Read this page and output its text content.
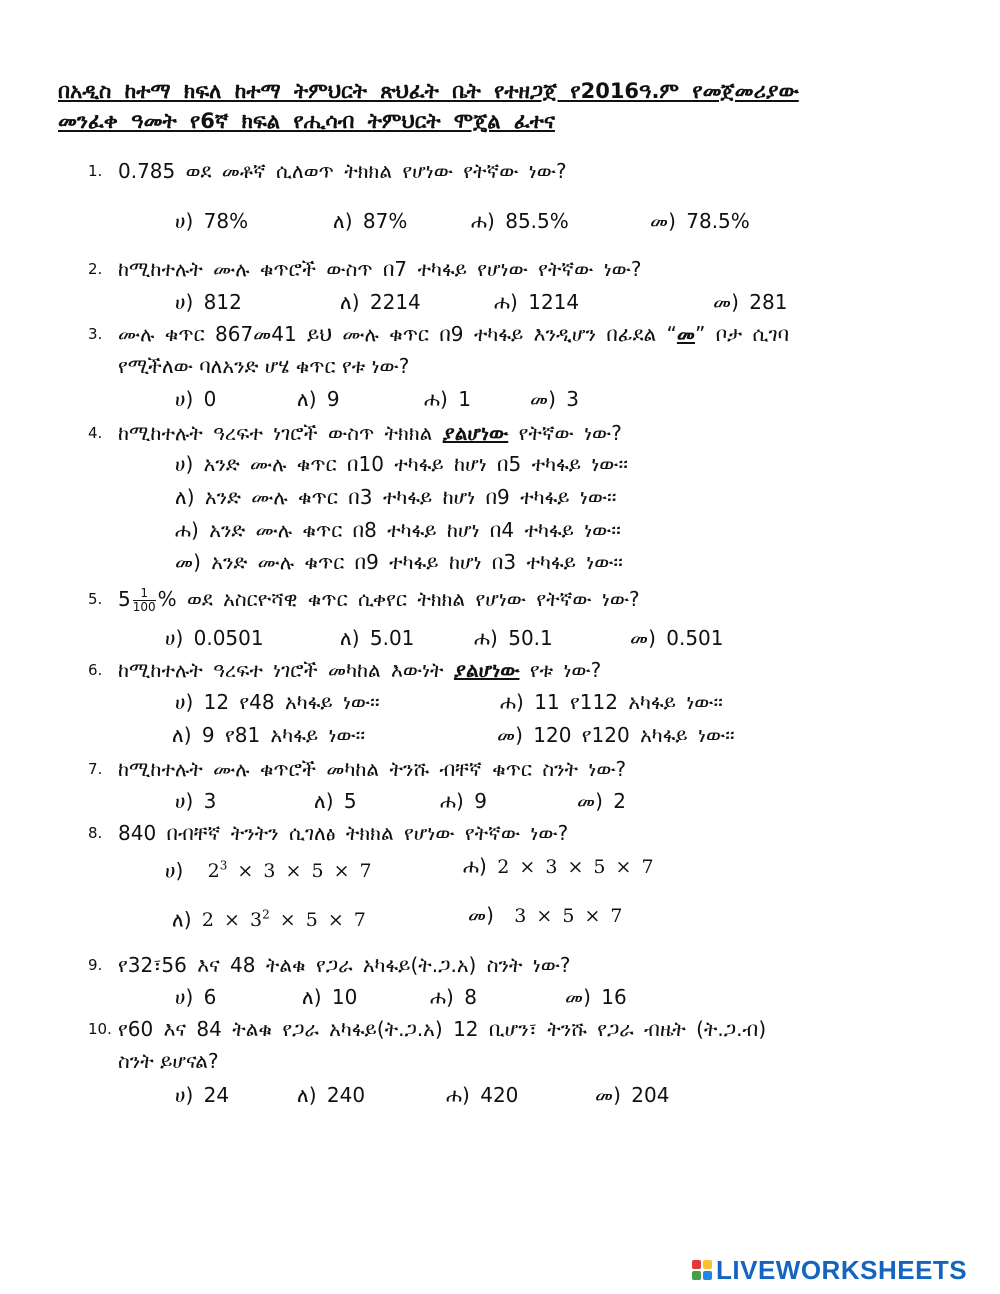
በአዲስ ከተማ ክፍለ ከተማ ትምህርት ጽህፈት ቤት የተዘጋጀ የ2016ዓ.ም የመጀመሪያው
መንፈቀ ዓመት የ6ኛ ክፍል የሒሳብ ትምህርት ሞጄል ፈተና
1. 0.785 ወደ መቶኛ ሲለወጥ ትክክል የሆነው የትኛው ነው?
ሀ) 78%	ለ) 87%	ሐ) 85.5%	መ) 78.5%
2. ከሚከተሉት ሙሉ ቁጥሮች ውስጥ በ7 ተካፋይ የሆነው የትኛው ነው?
ሀ) 812	ለ) 2214	ሐ) 1214	መ) 281
3. ሙሉ ቁጥር 867መ41 ይህ ሙሉ ቁጥር በ9 ተካፋይ እንዲሆን በፊደል “መ” ቦታ ሲገባ
የሚችለው ባለአንድ ሆሄ ቁጥር የቱ ነው?
ሀ) 0	ለ) 9	ሐ) 1	መ) 3
4. ከሚከተሉት ዓረፍተ ነገሮች ውስጥ ትክክል ያልሆነው የትኛው ነው?
ሀ) አንድ ሙሉ ቁጥር በ10 ተካፋይ ከሆነ በ5 ተካፋይ ነው፡፡
ለ) አንድ ሙሉ ቁጥር በ3 ተካፋይ ከሆነ በ9 ተካፋይ ነው፡፡
ሐ) አንድ ሙሉ ቁጥር በ8 ተካፋይ ከሆነ በ4 ተካፋይ ነው፡፡
መ) አንድ ሙሉ ቁጥር በ9 ተካፋይ ከሆነ በ3 ተካፋይ ነው፡፡
5. $5 \frac{1}{100}$ % ወደ አስርዮሻዊ ቁጥር ሲቀየር ትክክል የሆነው የትኛው ነው?
ሀ) 0.0501	ለ) 5.01	ሐ) 50.1	መ) 0.501
6. ከሚከተሉት ዓረፍተ ነገሮች መካከል እውነት ያልሆነው የቱ ነው?
ሀ) 12 የ48 አካፋይ ነው፡፡	ሐ) 11 የ112 አካፋይ ነው፡፡
ለ) 9 የ81 አካፋይ ነው፡፡	መ) 120 የ120 አካፋይ ነው፡፡
7. ከሚከተሉት ሙሉ ቁጥሮች መካከል ትንሹ ብቸኛ ቁጥር ስንት ነው?
ሀ) 3	ለ) 5	ሐ) 9	መ) 2
8. 840 በብቸኛ ትንትን ሲገለፅ ትክክል የሆነው የትኛው ነው?
ሀ) $2^3 \times 3 \times 5 \times 7$	ሐ) 2 × 3 × 5 × 7
ለ) $2 \times 3^2 \times 5 \times 7$	መ) 3 × 5 × 7
9. የ32፣56 እና 48 ትልቁ የጋራ አካፋይ(ት.ጋ.አ) ስንት ነው?
ሀ) 6	ለ) 10	ሐ) 8	መ) 16
10. የ60 እና 84 ትልቁ የጋራ አካፋይ(ት.ጋ.አ) 12 ቢሆን፣ ትንሹ የጋራ ብዜት (ት.ጋ.ብ)
ስንት ይሆናል?
ሀ) 24	ለ) 240	ሐ) 420	መ) 204
LIVEWORKSHEETS
